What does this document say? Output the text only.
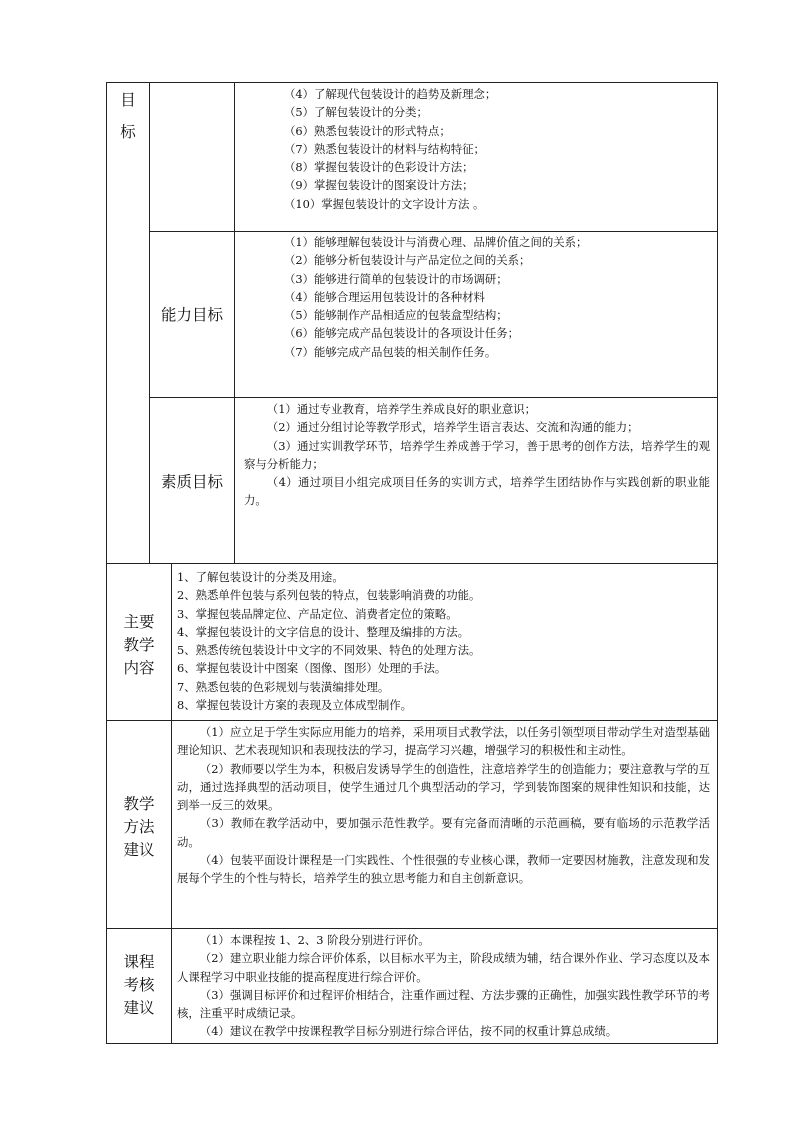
目
标
（4）了解现代包装设计的趋势及新理念；
（5）了解包装设计的分类；
（6）熟悉包装设计的形式特点；
（7）熟悉包装设计的材料与结构特征；
（8）掌握包装设计的色彩设计方法；
（9）掌握包装设计的图案设计方法；
（10）掌握包装设计的文字设计方法 。
能力目标
（1）能够理解包装设计与消费心理、品牌价值之间的关系；
（2）能够分析包装设计与产品定位之间的关系；
（3）能够进行简单的包装设计的市场调研；
（4）能够合理运用包装设计的各种材料
（5）能够制作产品相适应的包装盒型结构；
（6）能够完成产品包装设计的各项设计任务；
（7）能够完成产品包装的相关制作任务。
素质目标

（1）通过专业教育，培养学生养成良好的职业意识；

（2）通过分组讨论等教学形式，培养学生语言表达、交流和沟通的能力；

（3）通过实训教学环节，培养学生养成善于学习，善于思考的创作方法，培养学生的观察与分析能力；

（4）通过项目小组完成项目任务的实训方式，培养学生团结协作与实践创新的职业能力。

主要
教学
内容
1、了解包装设计的分类及用途。
2、熟悉单件包装与系列包装的特点，包装影响消费的功能。
3、掌握包装品牌定位、产品定位、消费者定位的策略。
4、掌握包装设计的文字信息的设计、整理及编排的方法。
5、熟悉传统包装设计中文字的不同效果、特色的处理方法。
6、掌握包装设计中图案（图像、图形）处理的手法。
7、熟悉包装的色彩规划与装潢编排处理。
8、掌握包装设计方案的表现及立体成型制作。
教学
方法
建议

（1）应立足于学生实际应用能力的培养，采用项目式教学法，以任务引领型项目带动学生对造型基础理论知识、艺术表现知识和表现技法的学习，提高学习兴趣，增强学习的积极性和主动性。

（2）教师要以学生为本，积极启发诱导学生的创造性，注意培养学生的创造能力；要注意教与学的互动，通过选择典型的活动项目，使学生通过几个典型活动的学习，学到装饰图案的规律性知识和技能，达到举一反三的效果。

（3）教师在教学活动中，要加强示范性教学。要有完备而清晰的示范画稿，要有临场的示范教学活动。

（4）包装平面设计课程是一门实践性、个性很强的专业核心课，教师一定要因材施教，注意发现和发展每个学生的个性与特长，培养学生的独立思考能力和自主创新意识。

课程
考核
建议

（1）本课程按 1、2、3 阶段分别进行评价。

（2）建立职业能力综合评价体系，以目标水平为主，阶段成绩为辅，结合课外作业、学习态度以及本人课程学习中职业技能的提高程度进行综合评价。

（3）强调目标评价和过程评价相结合，注重作画过程、方法步骤的正确性，加强实践性教学环节的考核，注重平时成绩记录。

（4）建议在教学中按课程教学目标分别进行综合评估，按不同的权重计算总成绩。
